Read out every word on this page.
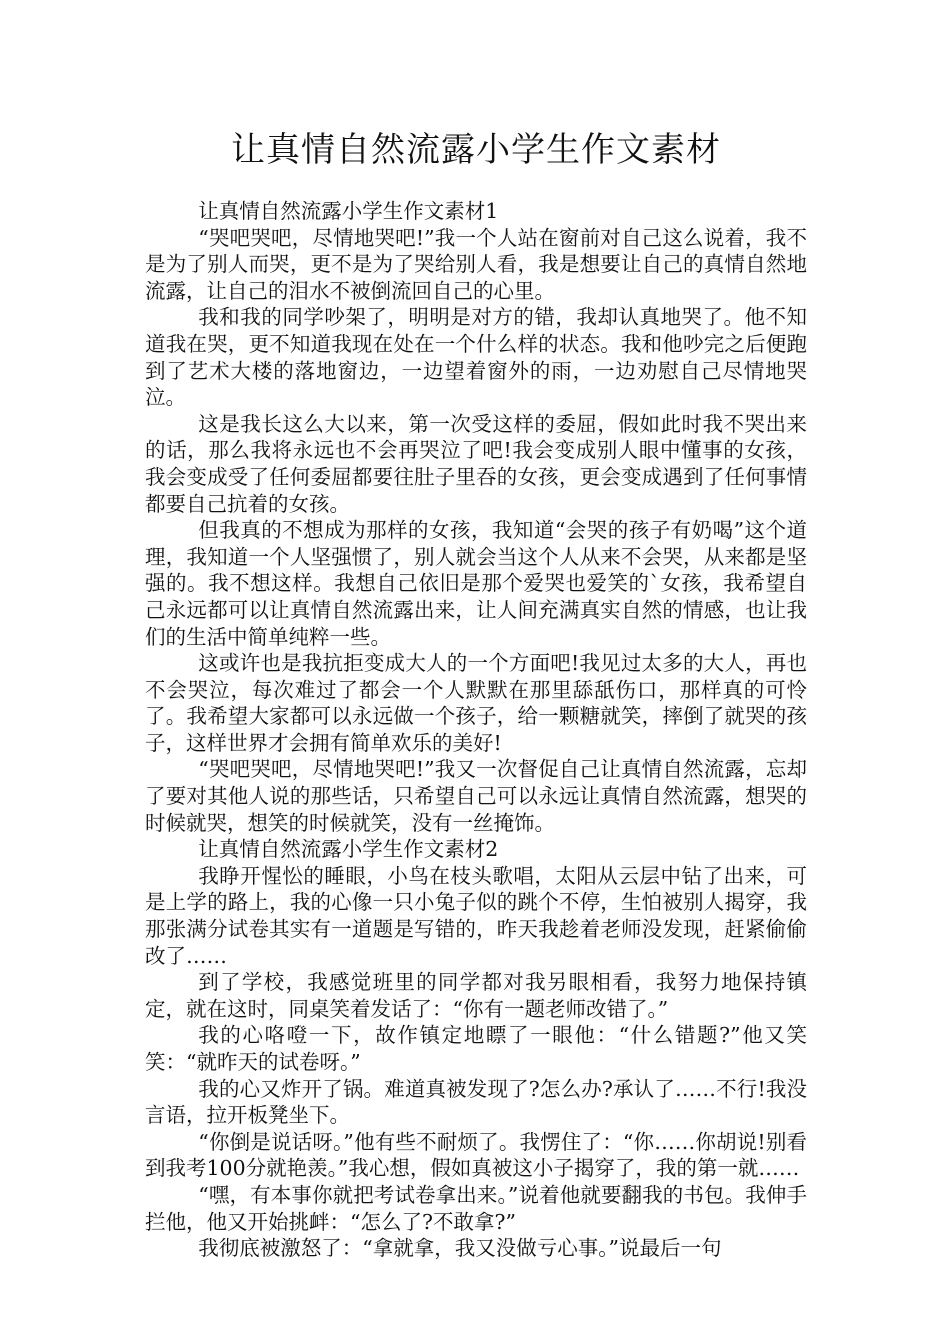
让真情自然流露小学生作文素材

让真情自然流露小学生作文素材1

“哭吧哭吧，尽情地哭吧!”我一个人站在窗前对自己这么说着，我不是为了别人而哭，更不是为了哭给别人看，我是想要让自己的真情自然地流露，让自己的泪水不被倒流回自己的心里。

我和我的同学吵架了，明明是对方的错，我却认真地哭了。他不知道我在哭，更不知道我现在处在一个什么样的状态。我和他吵完之后便跑到了艺术大楼的落地窗边，一边望着窗外的雨，一边劝慰自己尽情地哭泣。

这是我长这么大以来，第一次受这样的委屈，假如此时我不哭出来的话，那么我将永远也不会再哭泣了吧!我会变成别人眼中懂事的女孩，我会变成受了任何委屈都要往肚子里吞的女孩，更会变成遇到了任何事情都要自己抗着的女孩。

但我真的不想成为那样的女孩，我知道“会哭的孩子有奶喝”这个道理，我知道一个人坚强惯了，别人就会当这个人从来不会哭，从来都是坚强的。我不想这样。我想自己依旧是那个爱哭也爱笑的`女孩，我希望自己永远都可以让真情自然流露出来，让人间充满真实自然的情感，也让我们的生活中简单纯粹一些。

这或许也是我抗拒变成大人的一个方面吧!我见过太多的大人，再也不会哭泣，每次难过了都会一个人默默在那里舔舐伤口，那样真的可怜了。我希望大家都可以永远做一个孩子，给一颗糖就笑，摔倒了就哭的孩子，这样世界才会拥有简单欢乐的美好!

“哭吧哭吧，尽情地哭吧!”我又一次督促自己让真情自然流露，忘却了要对其他人说的那些话，只希望自己可以永远让真情自然流露，想哭的时候就哭，想笑的时候就笑，没有一丝掩饰。

让真情自然流露小学生作文素材2

我睁开惺忪的睡眼，小鸟在枝头歌唱，太阳从云层中钻了出来，可是上学的路上，我的心像一只小兔子似的跳个不停，生怕被别人揭穿，我那张满分试卷其实有一道题是写错的，昨天我趁着老师没发现，赶紧偷偷改了……

到了学校，我感觉班里的同学都对我另眼相看，我努力地保持镇定，就在这时，同桌笑着发话了：“你有一题老师改错了。”

我的心咯噔一下，故作镇定地瞟了一眼他：“什么错题?”他又笑笑：“就昨天的试卷呀。”

我的心又炸开了锅。难道真被发现了?怎么办?承认了……不行!我没言语，拉开板凳坐下。

“你倒是说话呀。”他有些不耐烦了。我愣住了：“你……你胡说!别看到我考100分就艳羡。”我心想，假如真被这小子揭穿了，我的第一就……

“嘿，有本事你就把考试卷拿出来。”说着他就要翻我的书包。我伸手拦他，他又开始挑衅：“怎么了?不敢拿?”

我彻底被激怒了：“拿就拿，我又没做亏心事。”说最后一句
